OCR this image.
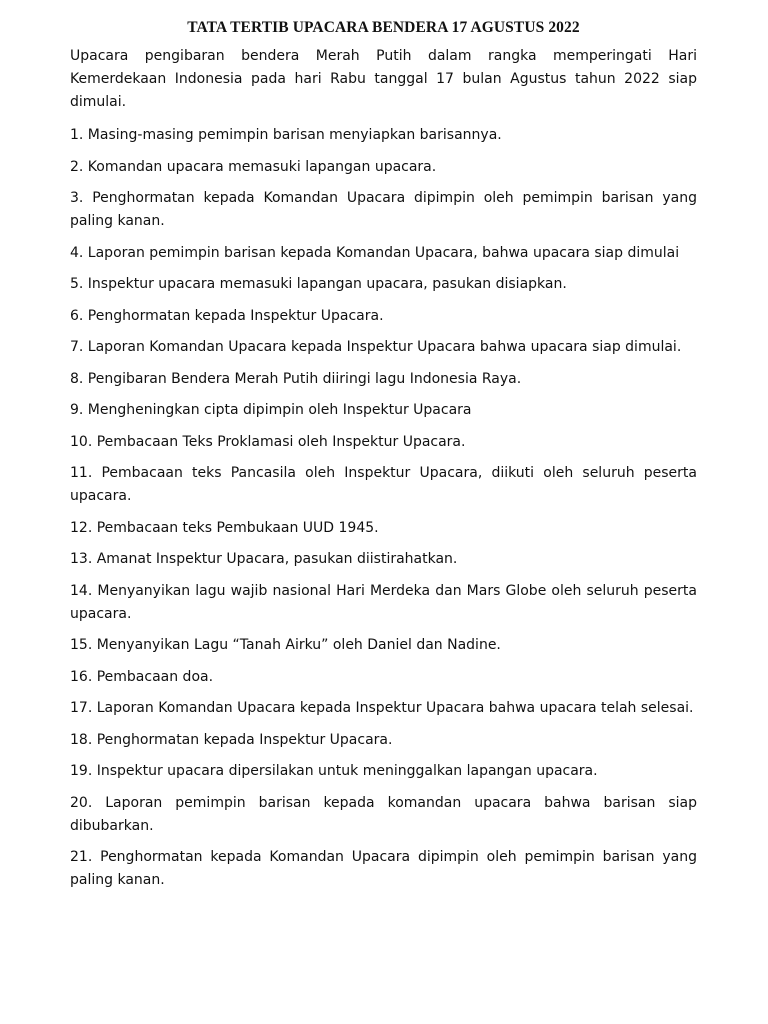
TATA TERTIB UPACARA BENDERA 17 AGUSTUS 2022

Upacara pengibaran bendera Merah Putih dalam rangka memperingati Hari Kemerdekaan Indonesia pada hari Rabu tanggal 17 bulan Agustus tahun 2022 siap dimulai.

1. Masing-masing pemimpin barisan menyiapkan barisannya.

2. Komandan upacara memasuki lapangan upacara.

3. Penghormatan kepada Komandan Upacara dipimpin oleh pemimpin barisan yang paling kanan.

4. Laporan pemimpin barisan kepada Komandan Upacara, bahwa upacara siap dimulai

5. Inspektur upacara memasuki lapangan upacara, pasukan disiapkan.

6. Penghormatan kepada Inspektur Upacara.

7. Laporan Komandan Upacara kepada Inspektur Upacara bahwa upacara siap dimulai.

8. Pengibaran Bendera Merah Putih diiringi lagu Indonesia Raya.

9. Mengheningkan cipta dipimpin oleh Inspektur Upacara

10. Pembacaan Teks Proklamasi oleh Inspektur Upacara.

11. Pembacaan teks Pancasila oleh Inspektur Upacara, diikuti oleh seluruh peserta upacara.

12. Pembacaan teks Pembukaan UUD 1945.

13. Amanat Inspektur Upacara, pasukan diistirahatkan.

14. Menyanyikan lagu wajib nasional Hari Merdeka dan Mars Globe oleh seluruh peserta upacara.

15. Menyanyikan Lagu “Tanah Airku” oleh Daniel dan Nadine.

16. Pembacaan doa.

17. Laporan Komandan Upacara kepada Inspektur Upacara bahwa upacara telah selesai.

18. Penghormatan kepada Inspektur Upacara.

19. Inspektur upacara dipersilakan untuk meninggalkan lapangan upacara.

20. Laporan pemimpin barisan kepada komandan upacara bahwa barisan siap dibubarkan.

21. Penghormatan kepada Komandan Upacara dipimpin oleh pemimpin barisan yang paling kanan.
